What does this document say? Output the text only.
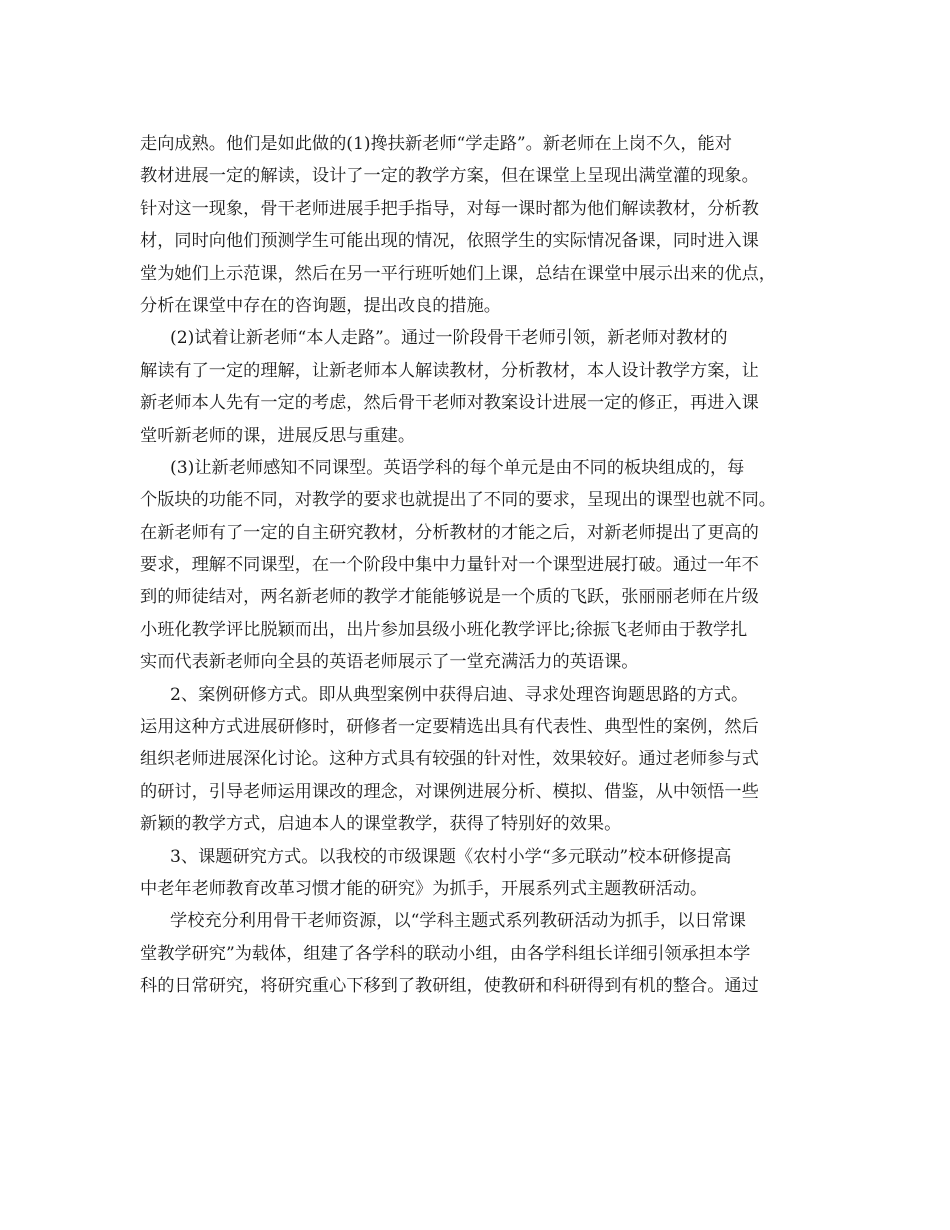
走向成熟。他们是如此做的(1)搀扶新老师“学走路”。新老师在上岗不久，能对
教材进展一定的解读，设计了一定的教学方案，但在课堂上呈现出满堂灌的现象。
针对这一现象，骨干老师进展手把手指导，对每一课时都为他们解读教材，分析教
材，同时向他们预测学生可能出现的情况，依照学生的实际情况备课，同时进入课
堂为她们上示范课，然后在另一平行班听她们上课，总结在课堂中展示出来的优点，
分析在课堂中存在的咨询题，提出改良的措施。
(2)试着让新老师“本人走路”。通过一阶段骨干老师引领，新老师对教材的
解读有了一定的理解，让新老师本人解读教材，分析教材，本人设计教学方案，让
新老师本人先有一定的考虑，然后骨干老师对教案设计进展一定的修正，再进入课
堂听新老师的课，进展反思与重建。
(3)让新老师感知不同课型。英语学科的每个单元是由不同的板块组成的，每
个版块的功能不同，对教学的要求也就提出了不同的要求，呈现出的课型也就不同。
在新老师有了一定的自主研究教材，分析教材的才能之后，对新老师提出了更高的
要求，理解不同课型，在一个阶段中集中力量针对一个课型进展打破。通过一年不
到的师徒结对，两名新老师的教学才能能够说是一个质的飞跃，张丽丽老师在片级
小班化教学评比脱颖而出，出片参加县级小班化教学评比;徐振飞老师由于教学扎
实而代表新老师向全县的英语老师展示了一堂充满活力的英语课。
2、案例研修方式。即从典型案例中获得启迪、寻求处理咨询题思路的方式。
运用这种方式进展研修时，研修者一定要精选出具有代表性、典型性的案例，然后
组织老师进展深化讨论。这种方式具有较强的针对性，效果较好。通过老师参与式
的研讨，引导老师运用课改的理念，对课例进展分析、模拟、借鉴，从中领悟一些
新颖的教学方式，启迪本人的课堂教学，获得了特别好的效果。
3、课题研究方式。以我校的市级课题《农村小学“多元联动”校本研修提高
中老年老师教育改革习惯才能的研究》为抓手，开展系列式主题教研活动。
学校充分利用骨干老师资源，以“学科主题式系列教研活动为抓手，以日常课
堂教学研究”为载体，组建了各学科的联动小组，由各学科组长详细引领承担本学
科的日常研究，将研究重心下移到了教研组，使教研和科研得到有机的整合。通过
